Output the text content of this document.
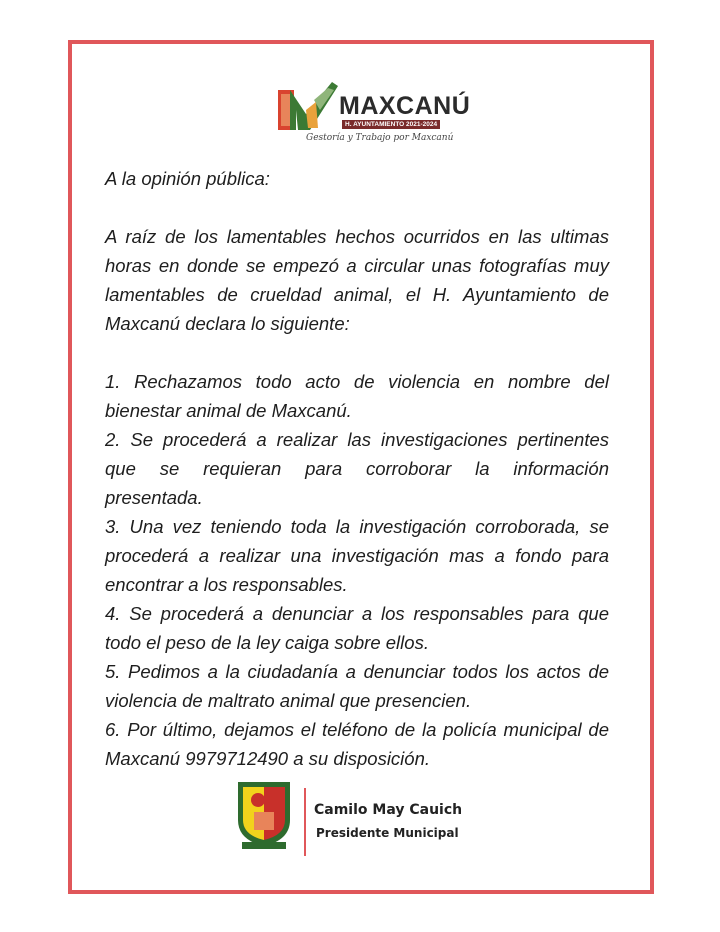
MAXCANÚ
H. AYUNTAMIENTO 2021-2024
Gestoría y Trabajo por Maxcanú
A la opinión pública:
A raíz de los lamentables hechos ocurridos en las ultimas
horas en donde se empezó a circular unas fotografías muy
lamentables de crueldad animal, el H. Ayuntamiento de
Maxcanú declara lo siguiente:
1. Rechazamos todo acto de violencia en nombre del
bienestar animal de Maxcanú.
2. Se procederá a realizar las investigaciones pertinentes
que se requieran para corroborar la información
presentada.
3. Una vez teniendo toda la investigación corroborada, se
procederá a realizar una investigación mas a fondo para
encontrar a los responsables.
4. Se procederá a denunciar a los responsables para que
todo el peso de la ley caiga sobre ellos.
5. Pedimos a la ciudadanía a denunciar todos los actos de
violencia de maltrato animal que presencien.
6. Por último, dejamos el teléfono de la policía municipal de
Maxcanú 9979712490 a su disposición.
Camilo May Cauich
Presidente Municipal
